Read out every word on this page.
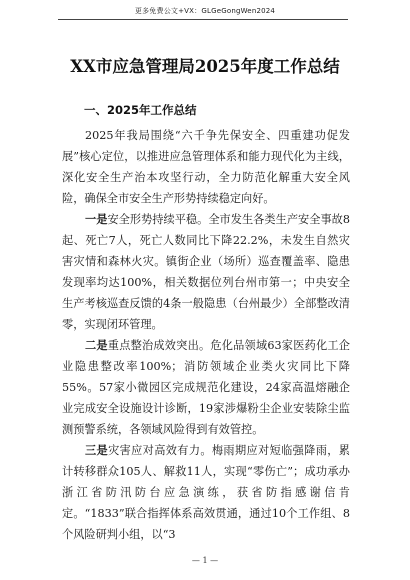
更多免费公文+VX：GLGeGongWen2024
XX市应急管理局2025年度工作总结
一、2025年工作总结

2025年我局围绕“六千争先保安全、四重建功促发展”核心定位，以推进应急管理体系和能力现代化为主线，深化安全生产治本攻坚行动，全力防范化解重大安全风险，确保全市安全生产形势持续稳定向好。

一是安全形势持续平稳。全市发生各类生产安全事故8起、死亡7人，死亡人数同比下降22.2%，未发生自然灾害灾情和森林火灾。镇街企业（场所）巡查覆盖率、隐患发现率均达100%，相关数据位列台州市第一；中央安全生产考核巡查反馈的4条一般隐患（台州最少）全部整改清零，实现闭环管理。

二是重点整治成效突出。危化品领域63家医药化工企业隐患整改率100%；消防领域企业类火灾同比下降55%。57家小微园区完成规范化建设，24家高温熔融企业完成安全设施设计诊断，19家涉爆粉尘企业安装除尘监测预警系统，各领域风险得到有效管控。

三是灾害应对高效有力。梅雨期应对短临强降雨，累计转移群众105人、解救11人，实现“零伤亡”；成功承办浙江省防汛防台应急演练，获省防指感谢信肯定。“1833”联合指挥体系高效贯通，通过10个工作组、8个风险研判小组，以“3

— 1 —
